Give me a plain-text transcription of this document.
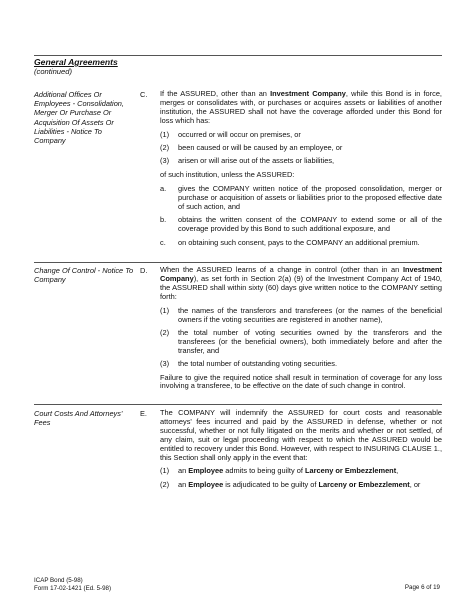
General Agreements
(continued)
Additional Offices Or Employees - Consolidation, Merger Or Purchase Or Acquisition Of Assets Or Liabilities - Notice To Company
C. If the ASSURED, other than an Investment Company, while this Bond is in force, merges or consolidates with, or purchases or acquires assets or liabilities of another institution, the ASSURED shall not have the coverage afforded under this Bond for loss which has:

(1)	occurred or will occur on premises, or
(2)	been caused or will be caused by an employee, or
(3)	arisen or will arise out of the assets or liabilities,

of such institution, unless the ASSURED:

a.	gives the COMPANY written notice of the proposed consolidation, merger or purchase or acquisition of assets or liabilities prior to the proposed effective date of such action, and
b.	obtains the written consent of the COMPANY to extend some or all of the coverage provided by this Bond to such additional exposure, and
c.	on obtaining such consent, pays to the COMPANY an additional premium.
Change Of Control - Notice To Company
D. When the ASSURED learns of a change in control (other than in an Investment Company), as set forth in Section 2(a) (9) of the Investment Company Act of 1940, the ASSURED shall within sixty (60) days give written notice to the COMPANY setting forth:

(1)	the names of the transferors and transferees (or the names of the beneficial owners if the voting securities are registered in another name),
(2)	the total number of voting securities owned by the transferors and the transferees (or the beneficial owners), both immediately before and after the transfer, and
(3)	the total number of outstanding voting securities.

Failure to give the required notice shall result in termination of coverage for any loss involving a transferee, to be effective on the date of such change in control.

Court Costs And Attorneys' Fees
E. The COMPANY will indemnify the ASSURED for court costs and reasonable attorneys' fees incurred and paid by the ASSURED in defense, whether or not successful, whether or not fully litigated on the merits and whether or not settled, of any claim, suit or legal proceeding with respect to which the ASSURED would be entitled to recovery under this Bond. However, with respect to INSURING CLAUSE 1., this Section shall only apply in the event that:

(1)	an Employee admits to being guilty of Larceny or Embezzlement,
(2)	an Employee is adjudicated to be guilty of Larceny or Embezzlement, or
ICAP Bond (5-98)
Form 17-02-1421 (Ed. 5-98)	Page 6 of 19
